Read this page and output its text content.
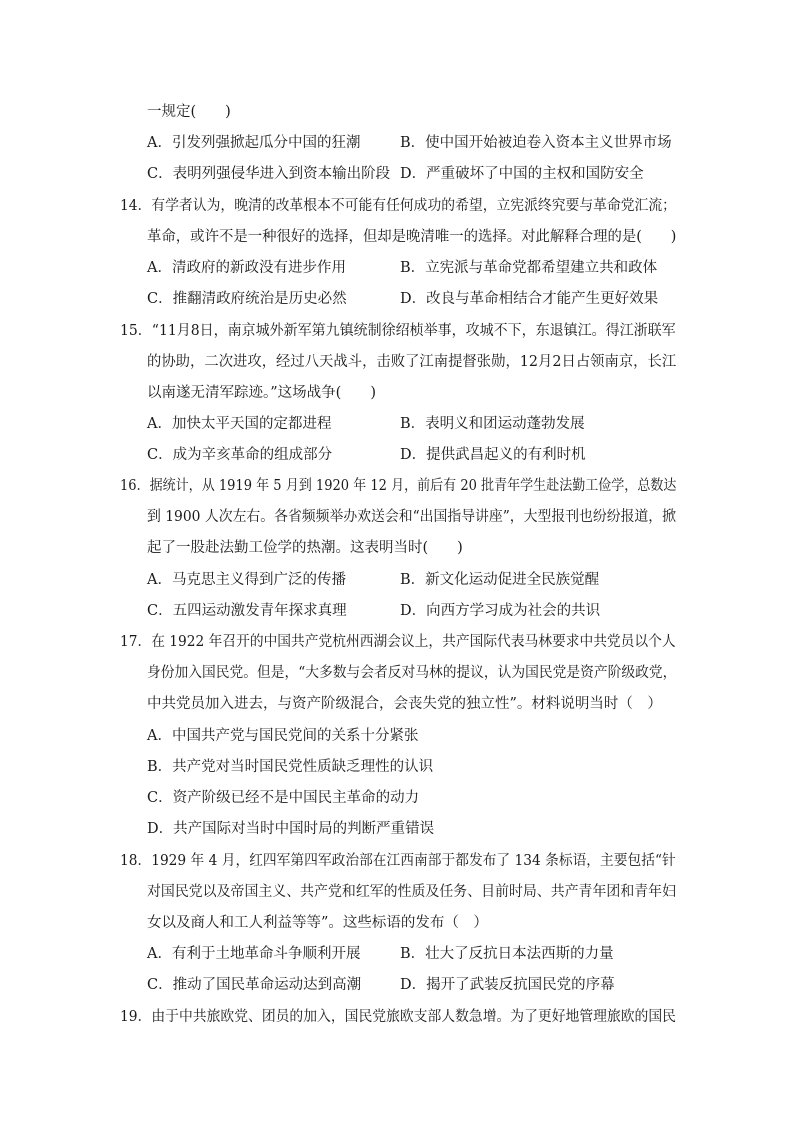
一规定(　　)
A．引发列强掀起瓜分中国的狂潮	B．使中国开始被迫卷入资本主义世界市场
C．表明列强侵华进入到资本输出阶段 D．严重破坏了中国的主权和国防安全
14．有学者认为，晚清的改革根本不可能有任何成功的希望，立宪派终究要与革命党汇流；
革命，或许不是一种很好的选择，但却是晚清唯一的选择。对此解释合理的是(　　)
A．清政府的新政没有进步作用	B．立宪派与革命党都希望建立共和政体
C．推翻清政府统治是历史必然	D．改良与革命相结合才能产生更好效果
15．“11月8日，南京城外新军第九镇统制徐绍桢举事，攻城不下，东退镇江。得江浙联军
的协助，二次进攻，经过八天战斗，击败了江南提督张勋，12月2日占领南京，长江
以南遂无清军踪迹。”这场战争(　　)
A．加快太平天国的定都进程	B．表明义和团运动蓬勃发展
C．成为辛亥革命的组成部分	D．提供武昌起义的有利时机
16．据统计，从 1919 年 5 月到 1920 年 12 月，前后有 20 批青年学生赴法勤工俭学，总数达
到 1900 人次左右。各省频频举办欢送会和“出国指导讲座”，大型报刊也纷纷报道，掀
起了一股赴法勤工俭学的热潮。这表明当时(　　)
A．马克思主义得到广泛的传播	B．新文化运动促进全民族觉醒
C．五四运动激发青年探求真理	D．向西方学习成为社会的共识
17．在 1922 年召开的中国共产党杭州西湖会议上，共产国际代表马林要求中共党员以个人
身份加入国民党。但是，“大多数与会者反对马林的提议，认为国民党是资产阶级政党，
中共党员加入进去，与资产阶级混合，会丧失党的独立性”。材料说明当时（　）
A．中国共产党与国民党间的关系十分紧张
B．共产党对当时国民党性质缺乏理性的认识
C．资产阶级已经不是中国民主革命的动力
D．共产国际对当时中国时局的判断严重错误
18．1929 年 4 月，红四军第四军政治部在江西南部于都发布了 134 条标语，主要包括“针
对国民党以及帝国主义、共产党和红军的性质及任务、目前时局、共产青年团和青年妇
女以及商人和工人利益等等”。这些标语的发布（　）
A．有利于土地革命斗争顺利开展	B．壮大了反抗日本法西斯的力量
C．推动了国民革命运动达到高潮	D．揭开了武装反抗国民党的序幕
19．由于中共旅欧党、团员的加入，国民党旅欧支部人数急增。为了更好地管理旅欧的国民
